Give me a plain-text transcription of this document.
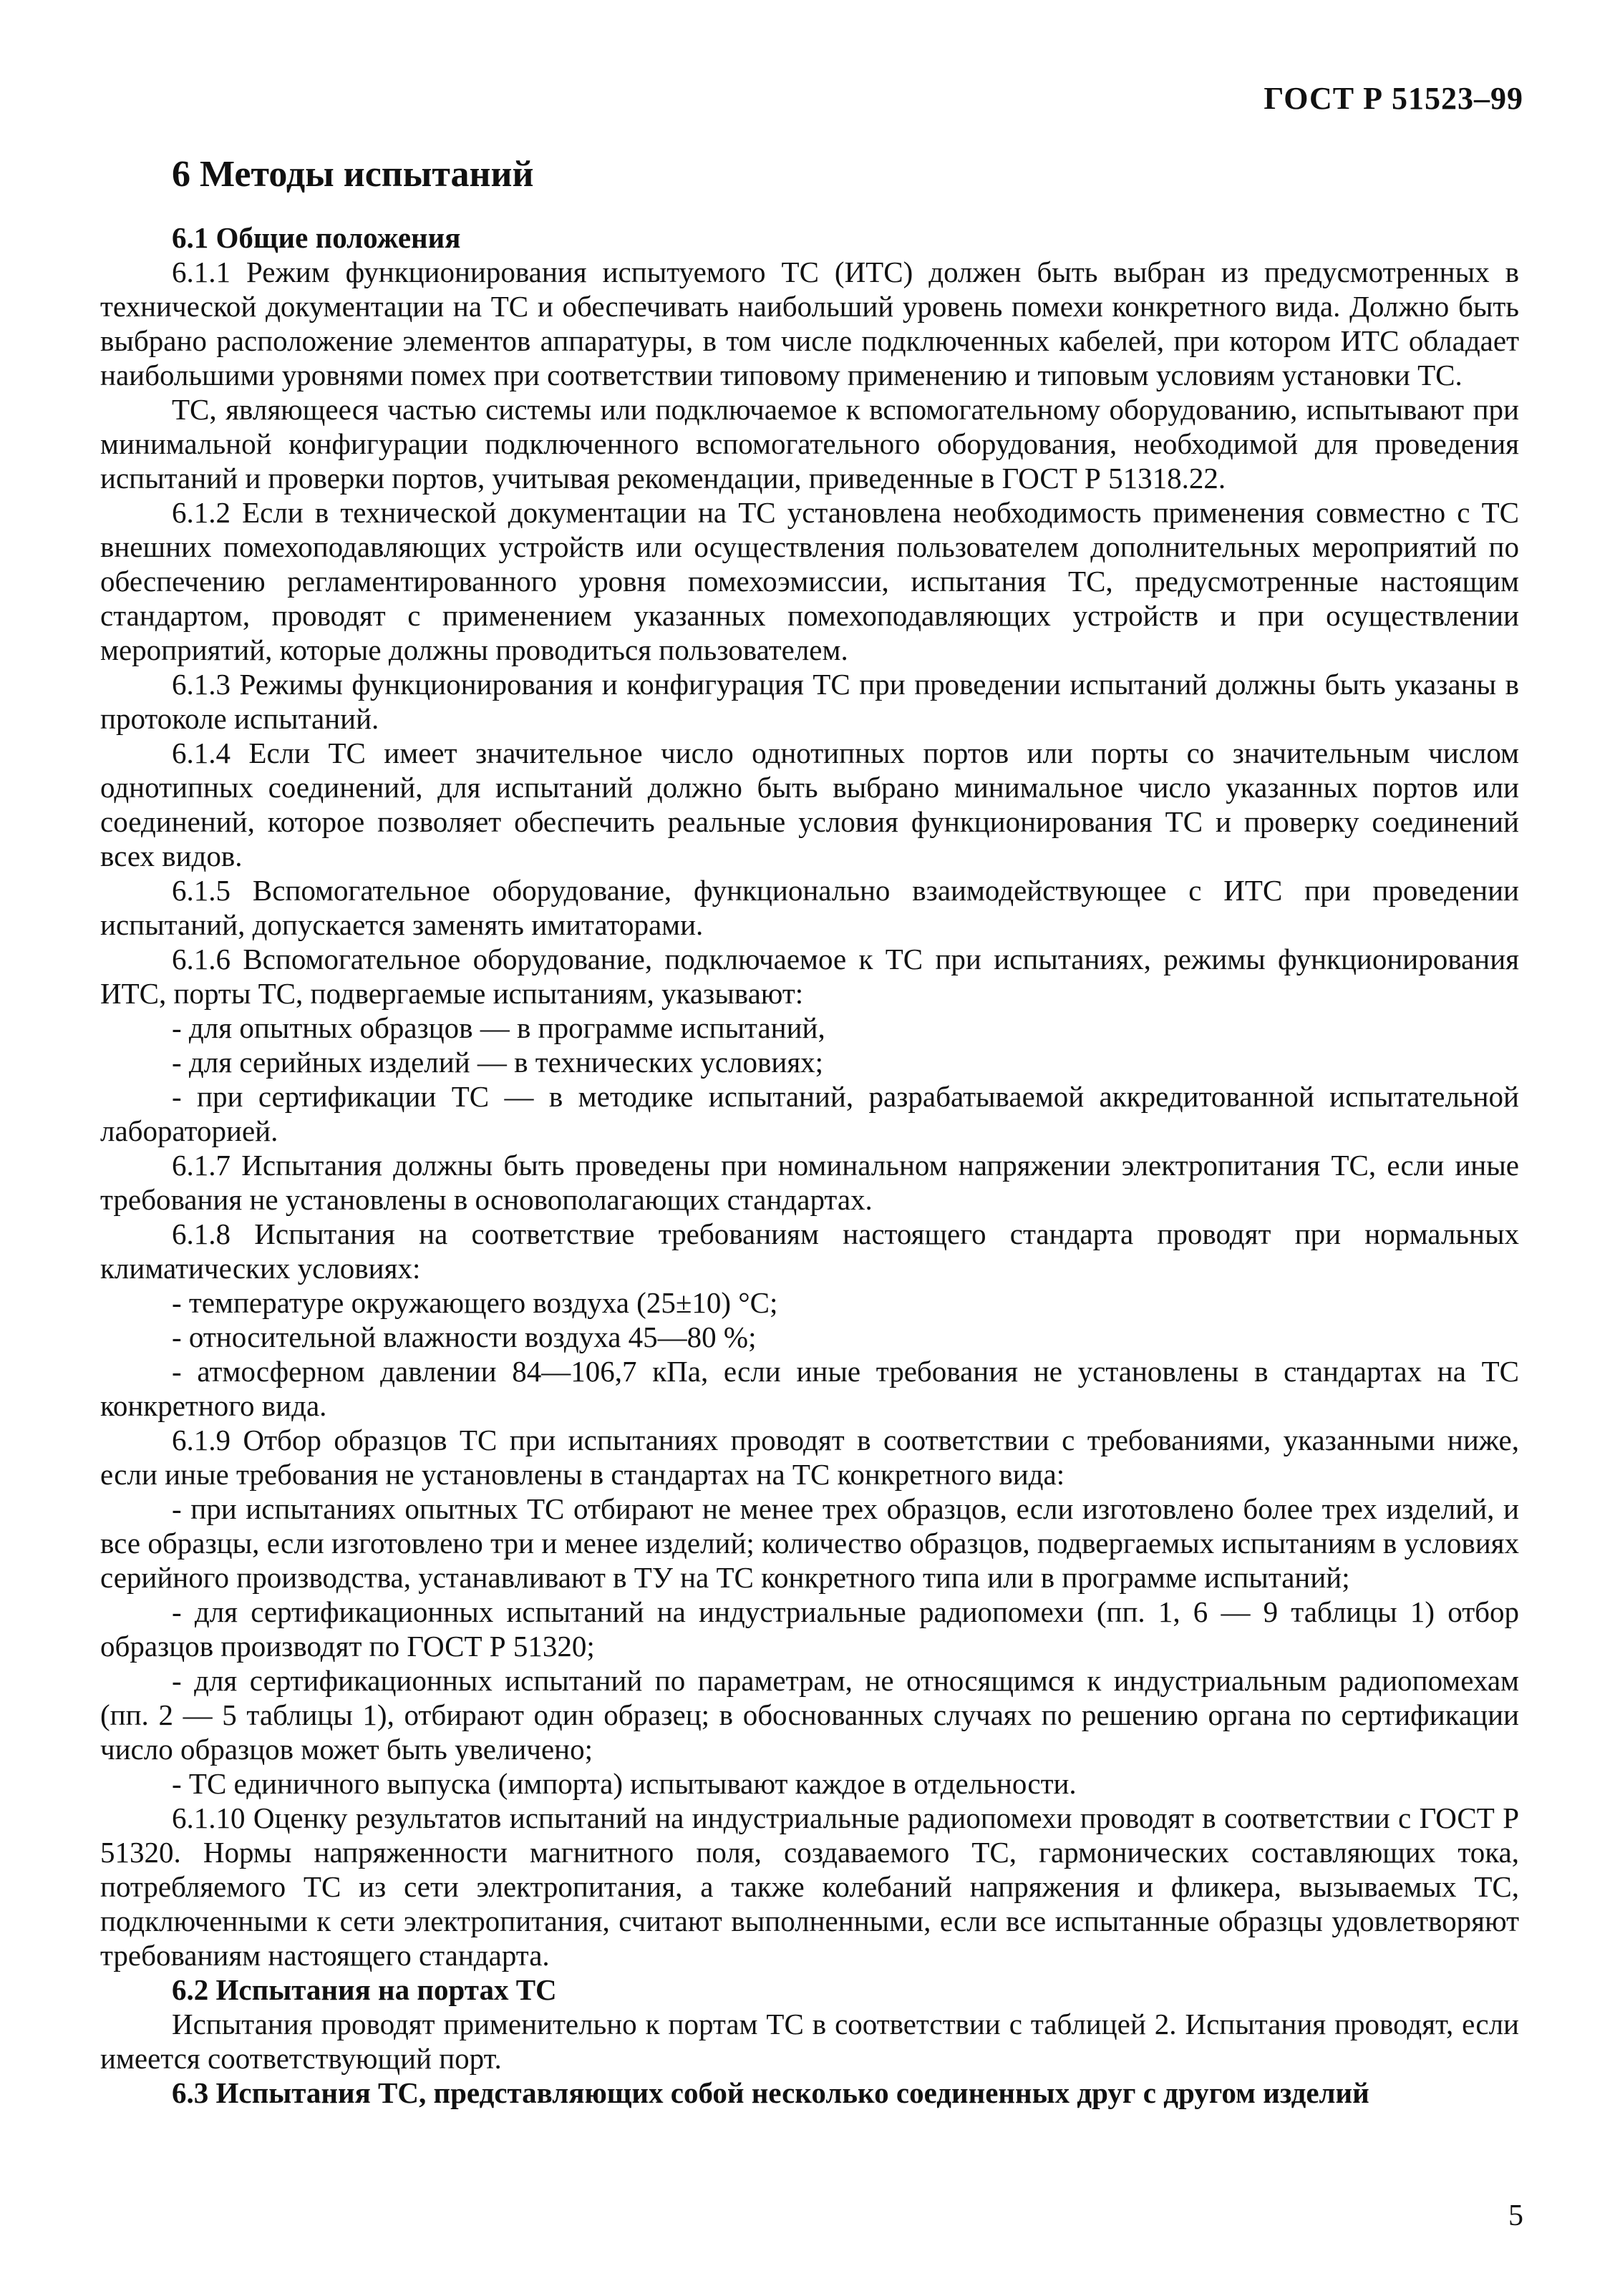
ГОСТ Р 51523–99

6 Методы испытаний

6.1 Общие положения

6.1.1 Режим функционирования испытуемого ТС (ИТС) должен быть выбран из предусмотренных в технической документации на ТС и обеспечивать наибольший уровень помехи конкретного вида. Должно быть выбрано расположение элементов аппаратуры, в том числе подключенных кабелей, при котором ИТС обладает наибольшими уровнями помех при соответствии типовому применению и типовым условиям установки ТС.

ТС, являющееся частью системы или подключаемое к вспомогательному оборудованию, испытывают при минимальной конфигурации подключенного вспомогательного оборудования, необходимой для проведения испытаний и проверки портов, учитывая рекомендации, приведенные в ГОСТ Р 51318.22.

6.1.2 Если в технической документации на ТС установлена необходимость применения совместно с ТС внешних помехоподавляющих устройств или осуществления пользователем дополнительных мероприятий по обеспечению регламентированного уровня помехоэмиссии, испытания ТС, предусмотренные настоящим стандартом, проводят с применением указанных помехоподавляющих устройств и при осуществлении мероприятий, которые должны проводиться пользователем.

6.1.3 Режимы функционирования и конфигурация ТС при проведении испытаний должны быть указаны в протоколе испытаний.

6.1.4 Если ТС имеет значительное число однотипных портов или порты со значительным числом однотипных соединений, для испытаний должно быть выбрано минимальное число указанных портов или соединений, которое позволяет обеспечить реальные условия функционирования ТС и проверку соединений всех видов.

6.1.5 Вспомогательное оборудование, функционально взаимодействующее с ИТС при проведении испытаний, допускается заменять имитаторами.

6.1.6 Вспомогательное оборудование, подключаемое к ТС при испытаниях, режимы функционирования ИТС, порты ТС, подвергаемые испытаниям, указывают:

- для опытных образцов — в программе испытаний,

- для серийных изделий — в технических условиях;

- при сертификации ТС — в методике испытаний, разрабатываемой аккредитованной испытательной лабораторией.

6.1.7 Испытания должны быть проведены при номинальном напряжении электропитания ТС, если иные требования не установлены в основополагающих стандартах.

6.1.8 Испытания на соответствие требованиям настоящего стандарта проводят при нормальных климатических условиях:

- температуре окружающего воздуха (25±10) °С;

- относительной влажности воздуха 45—80 %;

- атмосферном давлении 84—106,7 кПа, если иные требования не установлены в стандартах на ТС конкретного вида.

6.1.9 Отбор образцов ТС при испытаниях проводят в соответствии с требованиями, указанными ниже, если иные требования не установлены в стандартах на ТС конкретного вида:

- при испытаниях опытных ТС отбирают не менее трех образцов, если изготовлено более трех изделий, и все образцы, если изготовлено три и менее изделий; количество образцов, подвергаемых испытаниям в условиях серийного производства, устанавливают в ТУ на ТС конкретного типа или в программе испытаний;

- для сертификационных испытаний на индустриальные радиопомехи (пп. 1, 6 — 9 таблицы 1) отбор образцов производят по ГОСТ Р 51320;

- для сертификационных испытаний по параметрам, не относящимся к индустриальным радиопомехам (пп. 2 — 5 таблицы 1), отбирают один образец; в обоснованных случаях по решению органа по сертификации число образцов может быть увеличено;

- ТС единичного выпуска (импорта) испытывают каждое в отдельности.

6.1.10 Оценку результатов испытаний на индустриальные радиопомехи проводят в соответствии с ГОСТ Р 51320. Нормы напряженности магнитного поля, создаваемого ТС, гармонических составляющих тока, потребляемого ТС из сети электропитания, а также колебаний напряжения и фликера, вызываемых ТС, подключенными к сети электропитания, считают выполненными, если все испытанные образцы удовлетворяют требованиям настоящего стандарта.

6.2 Испытания на портах ТС

Испытания проводят применительно к портам ТС в соответствии с таблицей 2. Испытания проводят, если имеется соответствующий порт.

6.3 Испытания ТС, представляющих собой несколько соединенных друг с другом изделий

5
